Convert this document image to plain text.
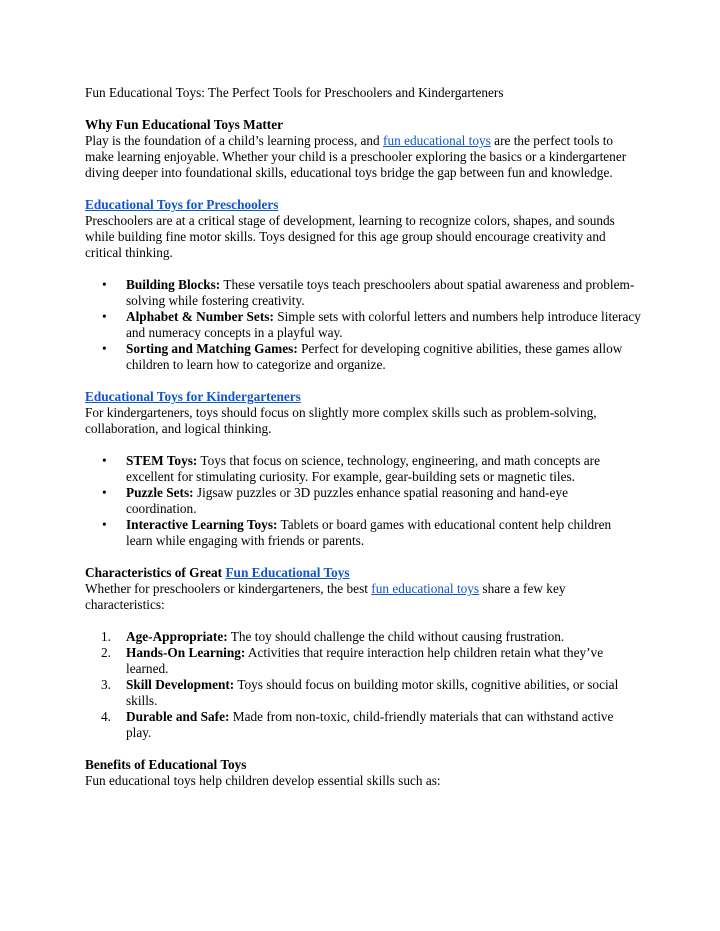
Fun Educational Toys: The Perfect Tools for Preschoolers and Kindergarteners

Why Fun Educational Toys Matter

Play is the foundation of a child’s learning process, and fun educational toys are the perfect tools to make learning enjoyable. Whether your child is a preschooler exploring the basics or a kindergartener diving deeper into foundational skills, educational toys bridge the gap between fun and knowledge.

Educational Toys for Preschoolers

Preschoolers are at a critical stage of development, learning to recognize colors, shapes, and sounds while building fine motor skills. Toys designed for this age group should encourage creativity and critical thinking.

• Building Blocks: These versatile toys teach preschoolers about spatial awareness and problem-solving while fostering creativity.
• Alphabet & Number Sets: Simple sets with colorful letters and numbers help introduce literacy and numeracy concepts in a playful way.
• Sorting and Matching Games: Perfect for developing cognitive abilities, these games allow children to learn how to categorize and organize.

Educational Toys for Kindergarteners

For kindergarteners, toys should focus on slightly more complex skills such as problem-solving, collaboration, and logical thinking.

• STEM Toys: Toys that focus on science, technology, engineering, and math concepts are excellent for stimulating curiosity. For example, gear-building sets or magnetic tiles.
• Puzzle Sets: Jigsaw puzzles or 3D puzzles enhance spatial reasoning and hand-eye coordination.
• Interactive Learning Toys: Tablets or board games with educational content help children learn while engaging with friends or parents.

Characteristics of Great Fun Educational Toys

Whether for preschoolers or kindergarteners, the best fun educational toys share a few key characteristics:

1. Age-Appropriate: The toy should challenge the child without causing frustration.
2. Hands-On Learning: Activities that require interaction help children retain what they’ve learned.
3. Skill Development: Toys should focus on building motor skills, cognitive abilities, or social skills.
4. Durable and Safe: Made from non-toxic, child-friendly materials that can withstand active play.

Benefits of Educational Toys

Fun educational toys help children develop essential skills such as:
